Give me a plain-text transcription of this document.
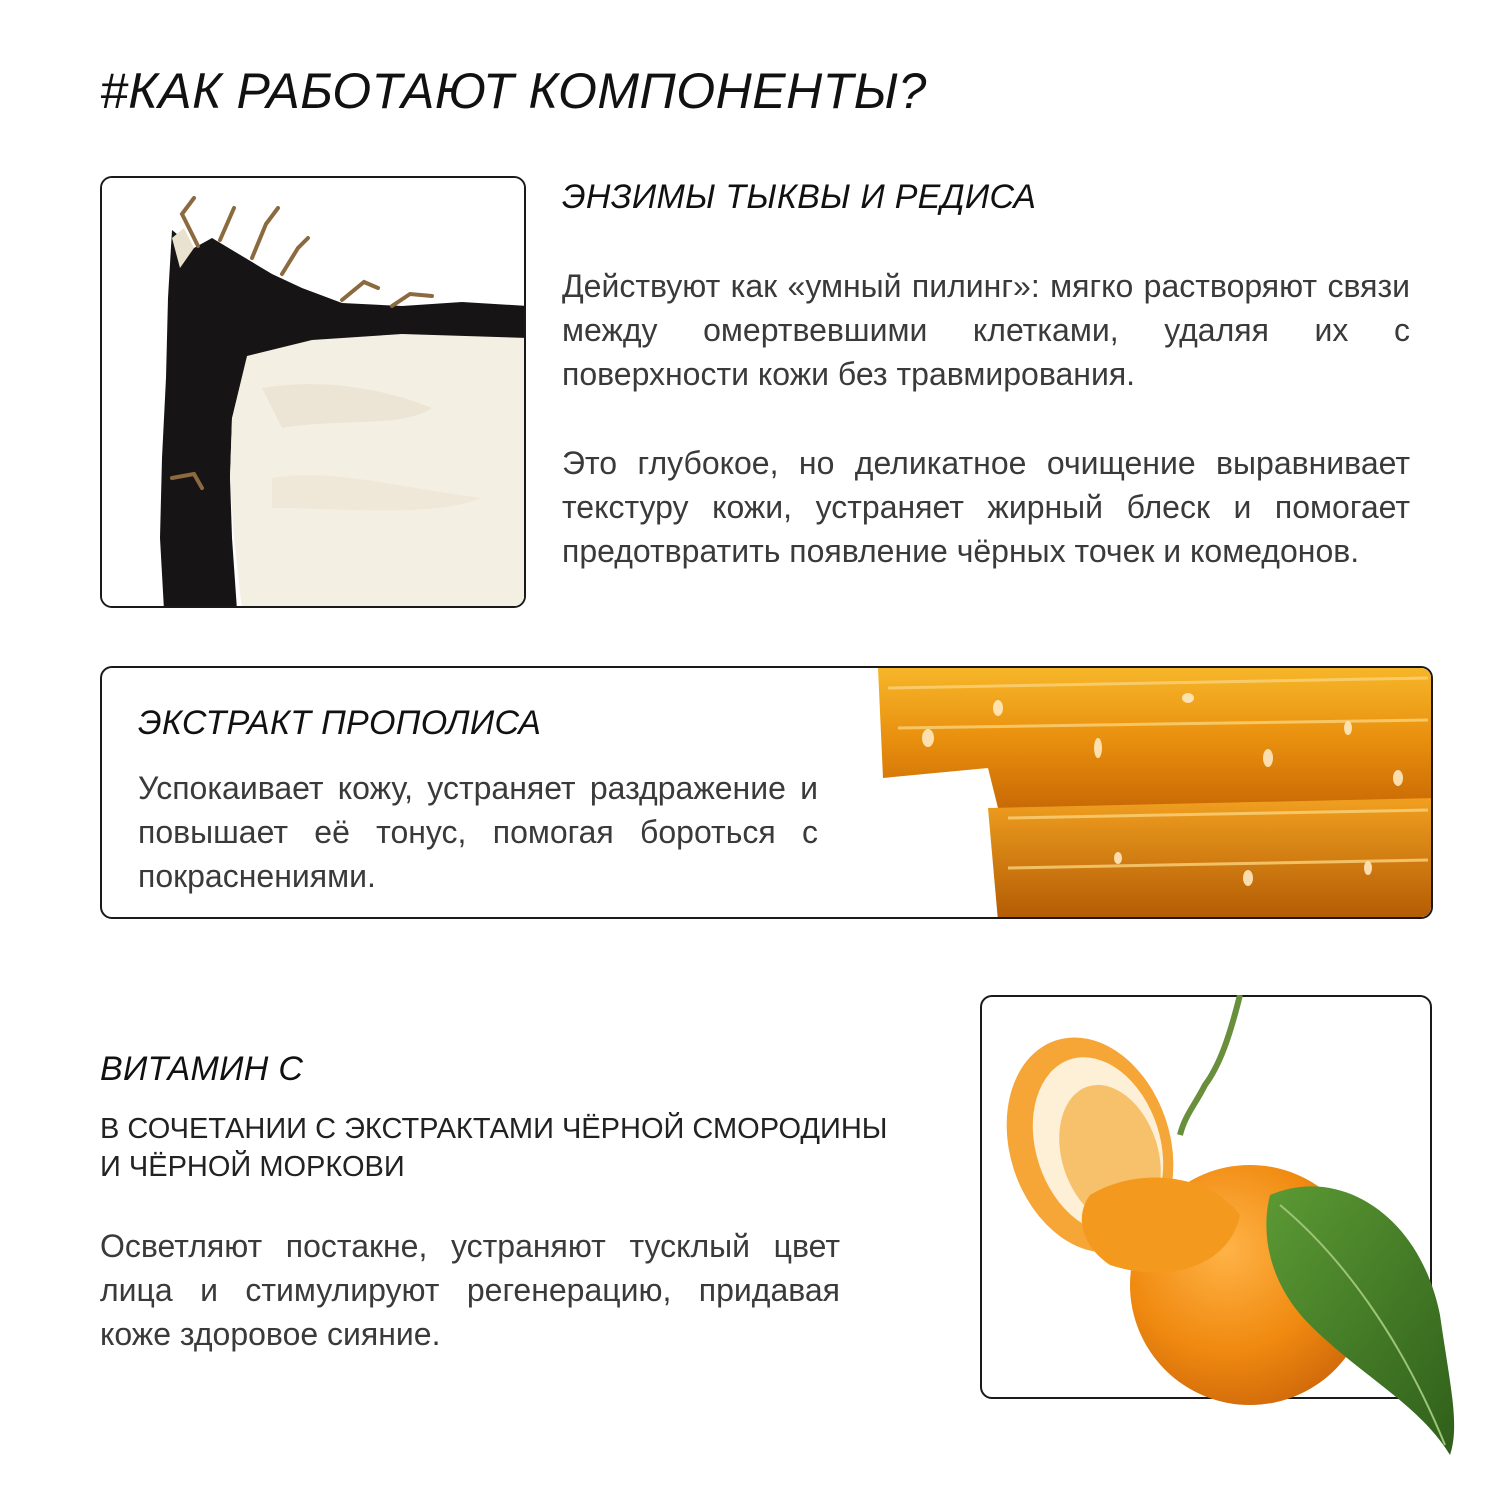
#КАК РАБОТАЮТ КОМПОНЕНТЫ?
ЭНЗИМЫ ТЫКВЫ И РЕДИСА
Действуют как «умный пилинг»: мягко растворяют связи между омертвевшими клетками, удаляя их с поверхности кожи без травмирования.
Это глубокое, но деликатное очищение выравнивает текстуру кожи, устраняет жирный блеск и помогает предотвратить появление чёрных точек и комедонов.
ЭКСТРАКТ ПРОПОЛИСА
Успокаивает кожу, устраняет раздражение и повышает её тонус, помогая бороться с покраснениями.
ВИТАМИН С
В СОЧЕТАНИИ С ЭКСТРАКТАМИ ЧЁРНОЙ СМОРОДИНЫ
И ЧЁРНОЙ МОРКОВИ
Осветляют постакне, устраняют тусклый цвет лица и стимулируют регенерацию, придавая коже здоровое сияние.
